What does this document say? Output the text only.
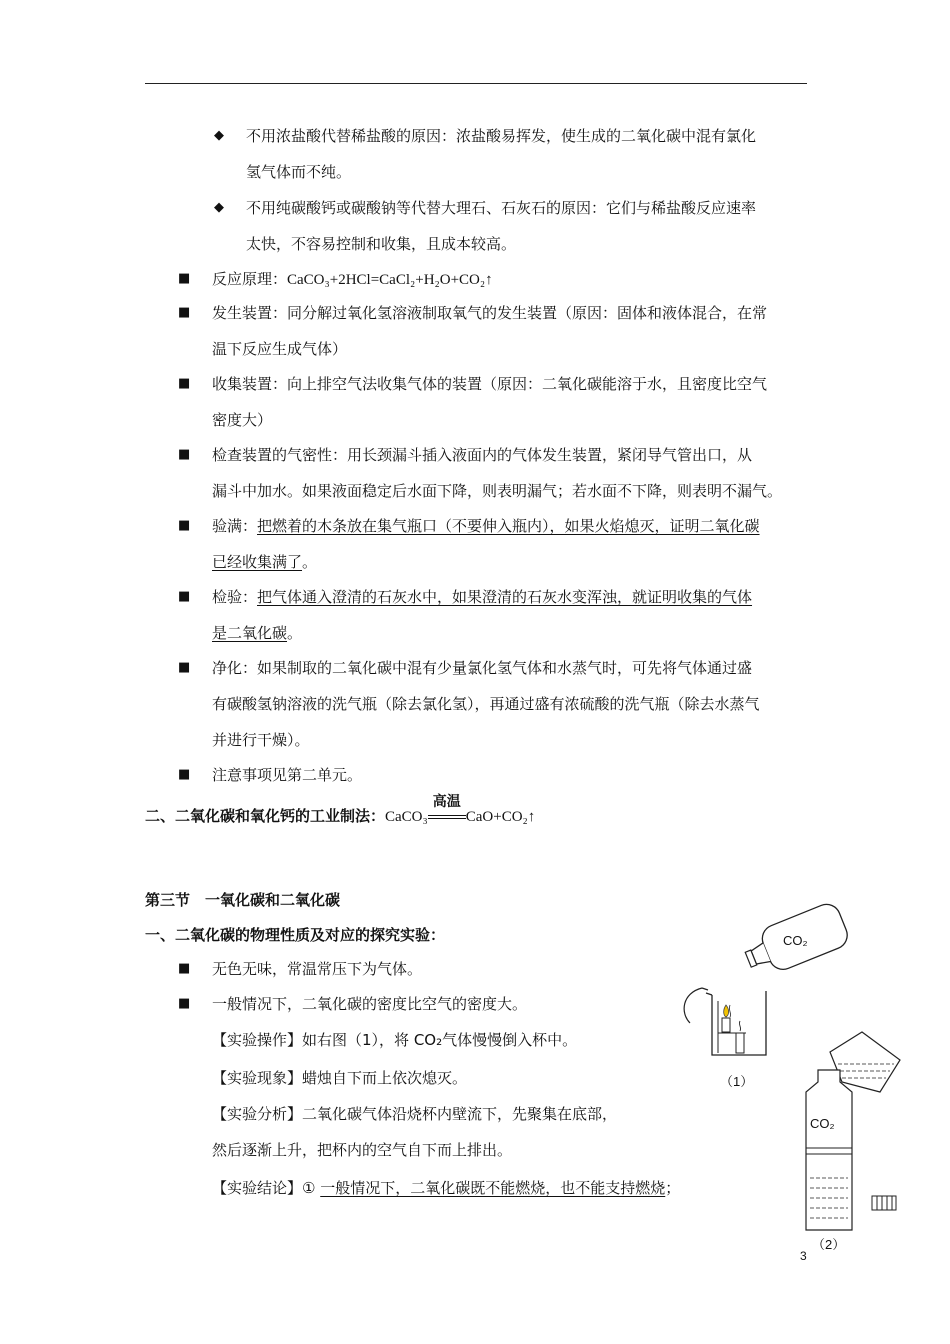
◆ 不用浓盐酸代替稀盐酸的原因：浓盐酸易挥发，使生成的二氧化碳中混有氯化
氢气体而不纯。
◆ 不用纯碳酸钙或碳酸钠等代替大理石、石灰石的原因：它们与稀盐酸反应速率
太快，不容易控制和收集，且成本较高。
■ 反应原理：CaCO₃+2HCl=CaCl₂+H₂O+CO₂↑
■ 发生装置：同分解过氧化氢溶液制取氧气的发生装置（原因：固体和液体混合，在常
温下反应生成气体）
■ 收集装置：向上排空气法收集气体的装置（原因：二氧化碳能溶于水，且密度比空气
密度大）
■ 检查装置的气密性：用长颈漏斗插入液面内的气体发生装置，紧闭导气管出口，从
漏斗中加水。如果液面稳定后水面下降，则表明漏气；若水面不下降，则表明不漏气。
■ 验满：把燃着的木条放在集气瓶口（不要伸入瓶内），如果火焰熄灭，证明二氧化碳
已经收集满了。
■ 检验：把气体通入澄清的石灰水中，如果澄清的石灰水变浑浊，就证明收集的气体
是二氧化碳。
■ 净化：如果制取的二氧化碳中混有少量氯化氢气体和水蒸气时，可先将气体通过盛
有碳酸氢钠溶液的洗气瓶（除去氯化氢），再通过盛有浓硫酸的洗气瓶（除去水蒸气
并进行干燥）。
■ 注意事项见第二单元。
二、二氧化碳和氧化钙的工业制法：CaCO₃
高温
CaO+CO₂↑
第三节　一氧化碳和二氧化碳
一、二氧化碳的物理性质及对应的探究实验：
■ 无色无味，常温常压下为气体。
■ 一般情况下，二氧化碳的密度比空气的密度大。
【实验操作】如右图（1），将 CO₂气体慢慢倒入杯中。
【实验现象】蜡烛自下而上依次熄灭。
【实验分析】二氧化碳气体沿烧杯内壁流下，先聚集在底部，
然后逐渐上升，把杯内的空气自下而上排出。
【实验结论】① 一般情况下，二氧化碳既不能燃烧，也不能支持燃烧；
CO₂
（1）
CO₂
（2）
3
